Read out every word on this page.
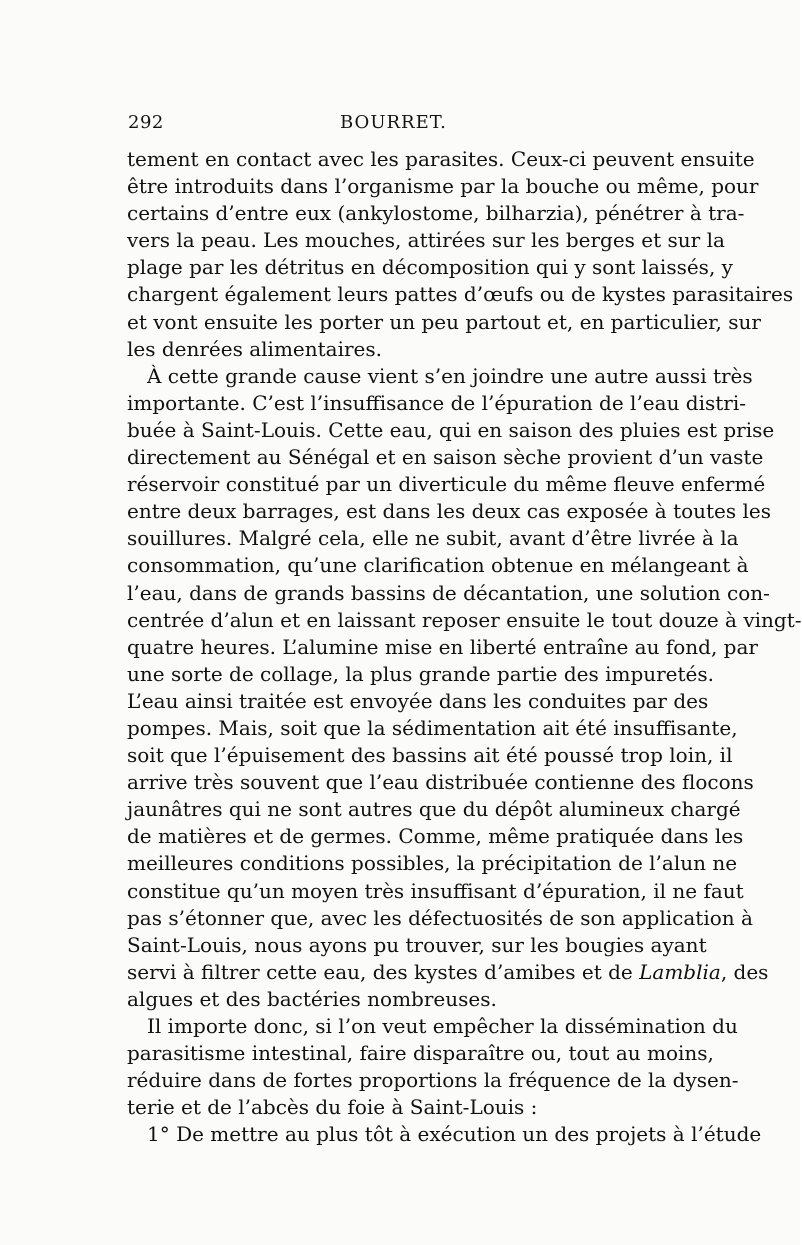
292	BOURRET.
tement en contact avec les parasites. Ceux-ci peuvent ensuite
être introduits dans l’organisme par la bouche ou même, pour
certains d’entre eux (ankylostome, bilharzia), pénétrer à tra-
vers la peau. Les mouches, attirées sur les berges et sur la
plage par les détritus en décomposition qui y sont laissés, y
chargent également leurs pattes d’œufs ou de kystes parasitaires
et vont ensuite les porter un peu partout et, en particulier, sur
les denrées alimentaires.
À cette grande cause vient s’en joindre une autre aussi très
importante. C’est l’insuffisance de l’épuration de l’eau distri-
buée à Saint-Louis. Cette eau, qui en saison des pluies est prise
directement au Sénégal et en saison sèche provient d’un vaste
réservoir constitué par un diverticule du même fleuve enfermé
entre deux barrages, est dans les deux cas exposée à toutes les
souillures. Malgré cela, elle ne subit, avant d’être livrée à la
consommation, qu’une clarification obtenue en mélangeant à
l’eau, dans de grands bassins de décantation, une solution con-
centrée d’alun et en laissant reposer ensuite le tout douze à vingt-
quatre heures. L’alumine mise en liberté entraîne au fond, par
une sorte de collage, la plus grande partie des impuretés.
L’eau ainsi traitée est envoyée dans les conduites par des
pompes. Mais, soit que la sédimentation ait été insuffisante,
soit que l’épuisement des bassins ait été poussé trop loin, il
arrive très souvent que l’eau distribuée contienne des flocons
jaunâtres qui ne sont autres que du dépôt alumineux chargé
de matières et de germes. Comme, même pratiquée dans les
meilleures conditions possibles, la précipitation de l’alun ne
constitue qu’un moyen très insuffisant d’épuration, il ne faut
pas s’étonner que, avec les défectuosités de son application à
Saint-Louis, nous ayons pu trouver, sur les bougies ayant
servi à filtrer cette eau, des kystes d’amibes et de Lamblia, des
algues et des bactéries nombreuses.
Il importe donc, si l’on veut empêcher la dissémination du
parasitisme intestinal, faire disparaître ou, tout au moins,
réduire dans de fortes proportions la fréquence de la dysen-
terie et de l’abcès du foie à Saint-Louis :
1° De mettre au plus tôt à exécution un des projets à l’étude
